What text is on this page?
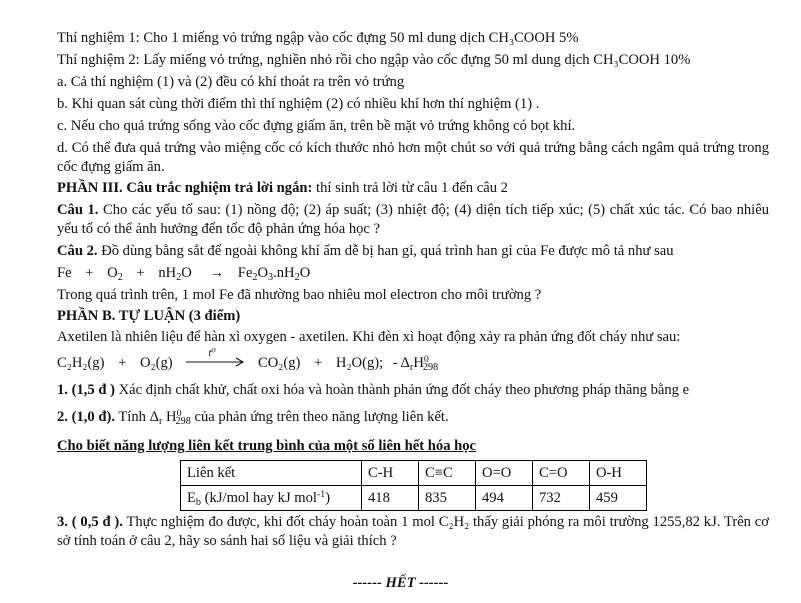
Thí nghiệm 1: Cho 1 miếng vỏ trứng ngập vào cốc đựng 50 ml dung dịch CH₃COOH 5%
Thí nghiệm 2: Lấy miếng vỏ trứng, nghiền nhỏ rồi cho ngập vào cốc đựng 50 ml dung dịch CH₃COOH 10%
a. Cả thí nghiệm (1) và (2) đều có khí thoát ra trên vỏ trứng
b. Khi quan sát cùng thời điểm thì thí nghiệm (2) có nhiều khí hơn thí nghiệm (1) .
c. Nếu cho quả trứng sống vào cốc đựng giấm ăn, trên bề mặt vỏ trứng không có bọt khí.
d. Có thể đưa quả trứng vào miệng cốc có kích thước nhỏ hơn một chút so với quả trứng bằng cách ngâm quả trứng trong cốc đựng giấm ăn.
PHẦN III. Câu trắc nghiệm trả lời ngắn: thí sinh trả lời từ câu 1 đến câu 2
Câu 1. Cho các yếu tố sau: (1) nồng độ; (2) áp suất; (3) nhiệt độ; (4) diện tích tiếp xúc; (5) chất xúc tác. Có bao nhiêu yếu tố có thể ảnh hưởng đến tốc độ phản ứng hóa học ?
Câu 2. Đồ dùng bằng sắt để ngoài không khí ẩm dễ bị han gỉ, quá trình han gỉ của Fe được mô tả như sau
$Fe + O_2 + nH_2O \to Fe_2O_3.nH_2O$
Trong quá trình trên, 1 mol Fe đã nhường bao nhiêu mol electron cho môi trường ?
PHẦN B. TỰ LUẬN (3 điểm)
Axetilen là nhiên liệu để hàn xì oxygen - axetilen. Khi đèn xì hoạt động xảy ra phản ứng đốt cháy như sau:
C₂H₂(g) + O₂(g)
t⁰
CO₂(g) + H₂O(g); - $\Delta_rH^0_{298}$
1. (1,5 đ ) Xác định chất khử, chất oxi hóa và hoàn thành phản ứng đốt cháy theo phương pháp thăng bằng e
2. (1,0 đ). Tính $\Delta_r$ $H^0_{298}$ của phản ứng trên theo năng lượng liên kết.
Cho biết năng lượng liên kết trung bình của một số liên hết hóa học
Liên kết	C-H	C≡C	O=O	C=O	O-H
$E_b$ (kJ/mol hay kJ mol$^{-1}$)	418	835	494	732	459
3. ( 0,5 đ ). Thực nghiệm đo được, khi đốt cháy hoàn toàn 1 mol C₂H₂ thấy giải phóng ra môi trường 1255,82 kJ. Trên cơ sở tính toán ở câu 2, hãy so sánh hai số liệu và giải thích ?
------ HẾT ------
